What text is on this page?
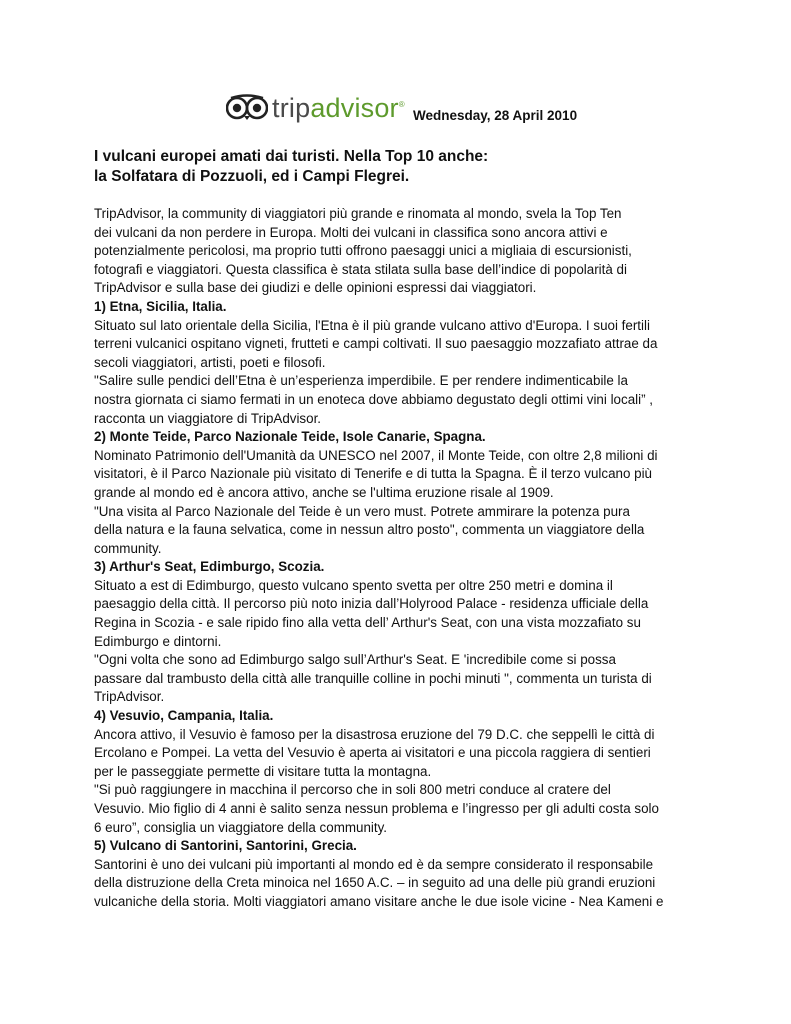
tripadvisor®
Wednesday, 28 April 2010
I vulcani europei amati dai turisti. Nella Top 10 anche:
la Solfatara di Pozzuoli, ed i Campi Flegrei.
TripAdvisor, la community di viaggiatori più grande e rinomata al mondo, svela la Top Ten
dei vulcani da non perdere in Europa. Molti dei vulcani in classifica sono ancora attivi e
potenzialmente pericolosi, ma proprio tutti offrono paesaggi unici a migliaia di escursionisti,
fotografi e viaggiatori. Questa classifica è stata stilata sulla base dell’indice di popolarità di
TripAdvisor e sulla base dei giudizi e delle opinioni espressi dai viaggiatori.
1) Etna, Sicilia, Italia.
Situato sul lato orientale della Sicilia, l'Etna è il più grande vulcano attivo d'Europa. I suoi fertili
terreni vulcanici ospitano vigneti, frutteti e campi coltivati. Il suo paesaggio mozzafiato attrae da
secoli viaggiatori, artisti, poeti e filosofi.
"Salire sulle pendici dell’Etna è un’esperienza imperdibile. E per rendere indimenticabile la
nostra giornata ci siamo fermati in un enoteca dove abbiamo degustato degli ottimi vini locali” ,
racconta un viaggiatore di TripAdvisor.
2) Monte Teide, Parco Nazionale Teide, Isole Canarie, Spagna.
Nominato Patrimonio dell'Umanità da UNESCO nel 2007, il Monte Teide, con oltre 2,8 milioni di
visitatori, è il Parco Nazionale più visitato di Tenerife e di tutta la Spagna. È il terzo vulcano più
grande al mondo ed è ancora attivo, anche se l'ultima eruzione risale al 1909.
"Una visita al Parco Nazionale del Teide è un vero must. Potrete ammirare la potenza pura
della natura e la fauna selvatica, come in nessun altro posto", commenta un viaggiatore della
community.
3) Arthur's Seat, Edimburgo, Scozia.
Situato a est di Edimburgo, questo vulcano spento svetta per oltre 250 metri e domina il
paesaggio della città. Il percorso più noto inizia dall’Holyrood Palace - residenza ufficiale della
Regina in Scozia - e sale ripido fino alla vetta dell’ Arthur's Seat, con una vista mozzafiato su
Edimburgo e dintorni.
"Ogni volta che sono ad Edimburgo salgo sull’Arthur's Seat. E 'incredibile come si possa
passare dal trambusto della città alle tranquille colline in pochi minuti ", commenta un turista di
TripAdvisor.
4) Vesuvio, Campania, Italia.
Ancora attivo, il Vesuvio è famoso per la disastrosa eruzione del 79 D.C. che seppellì le città di
Ercolano e Pompei. La vetta del Vesuvio è aperta ai visitatori e una piccola raggiera di sentieri
per le passeggiate permette di visitare tutta la montagna.
"Si può raggiungere in macchina il percorso che in soli 800 metri conduce al cratere del
Vesuvio. Mio figlio di 4 anni è salito senza nessun problema e l’ingresso per gli adulti costa solo
6 euro”, consiglia un viaggiatore della community.
5) Vulcano di Santorini, Santorini, Grecia.
Santorini è uno dei vulcani più importanti al mondo ed è da sempre considerato il responsabile
della distruzione della Creta minoica nel 1650 A.C. – in seguito ad una delle più grandi eruzioni
vulcaniche della storia. Molti viaggiatori amano visitare anche le due isole vicine - Nea Kameni e
